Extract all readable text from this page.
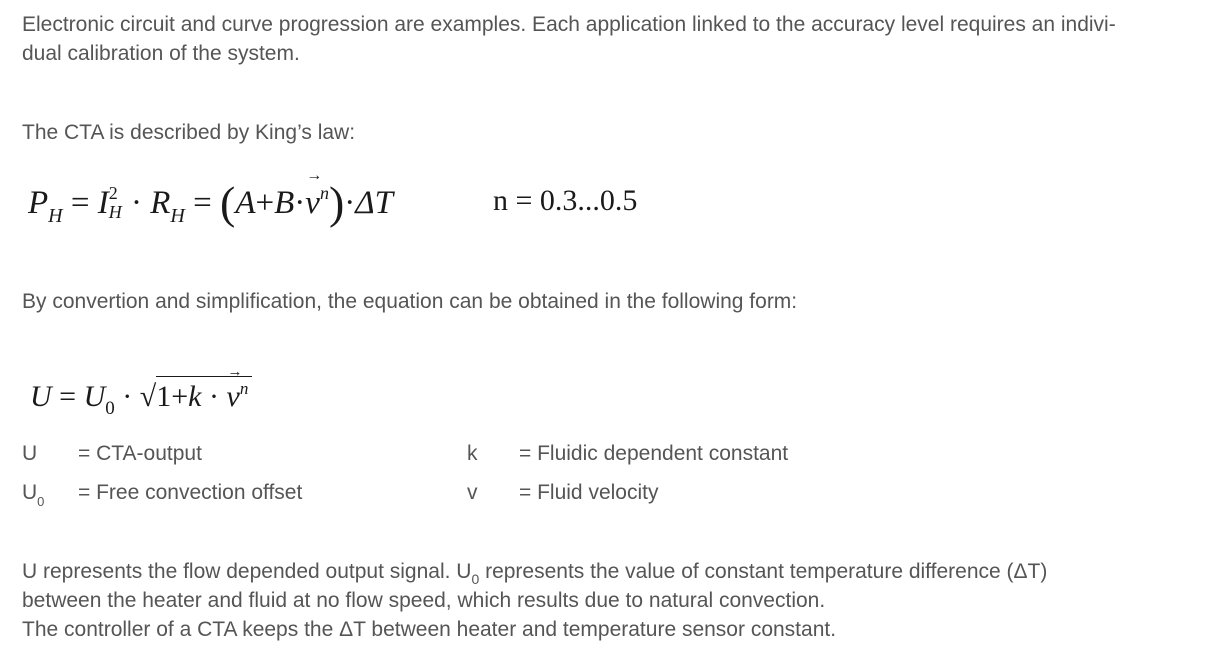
Electronic circuit and curve progression are examples. Each application linked to the accuracy level requires an indivi-
dual calibration of the system.
The CTA is described by King’s law:
$P_H = I$ 2
$H \cdot R_H = (A+B\cdot\to v^n)\cdot\Delta T$	n = 0.3...0.5
By convertion and simplification, the equation can be obtained in the following form:
$U = U_0 \cdot √1+k$ · → $v^n$
U = CTA-output
$U_0$ = Free convection offset
k = Fluidic dependent constant
v = Fluid velocity
U represents the flow depended output signal. $U_0$ represents the value of constant temperature difference (ΔT)
between the heater and fluid at no flow speed, which results due to natural convection.
The controller of a CTA keeps the ΔT between heater and temperature sensor constant.
